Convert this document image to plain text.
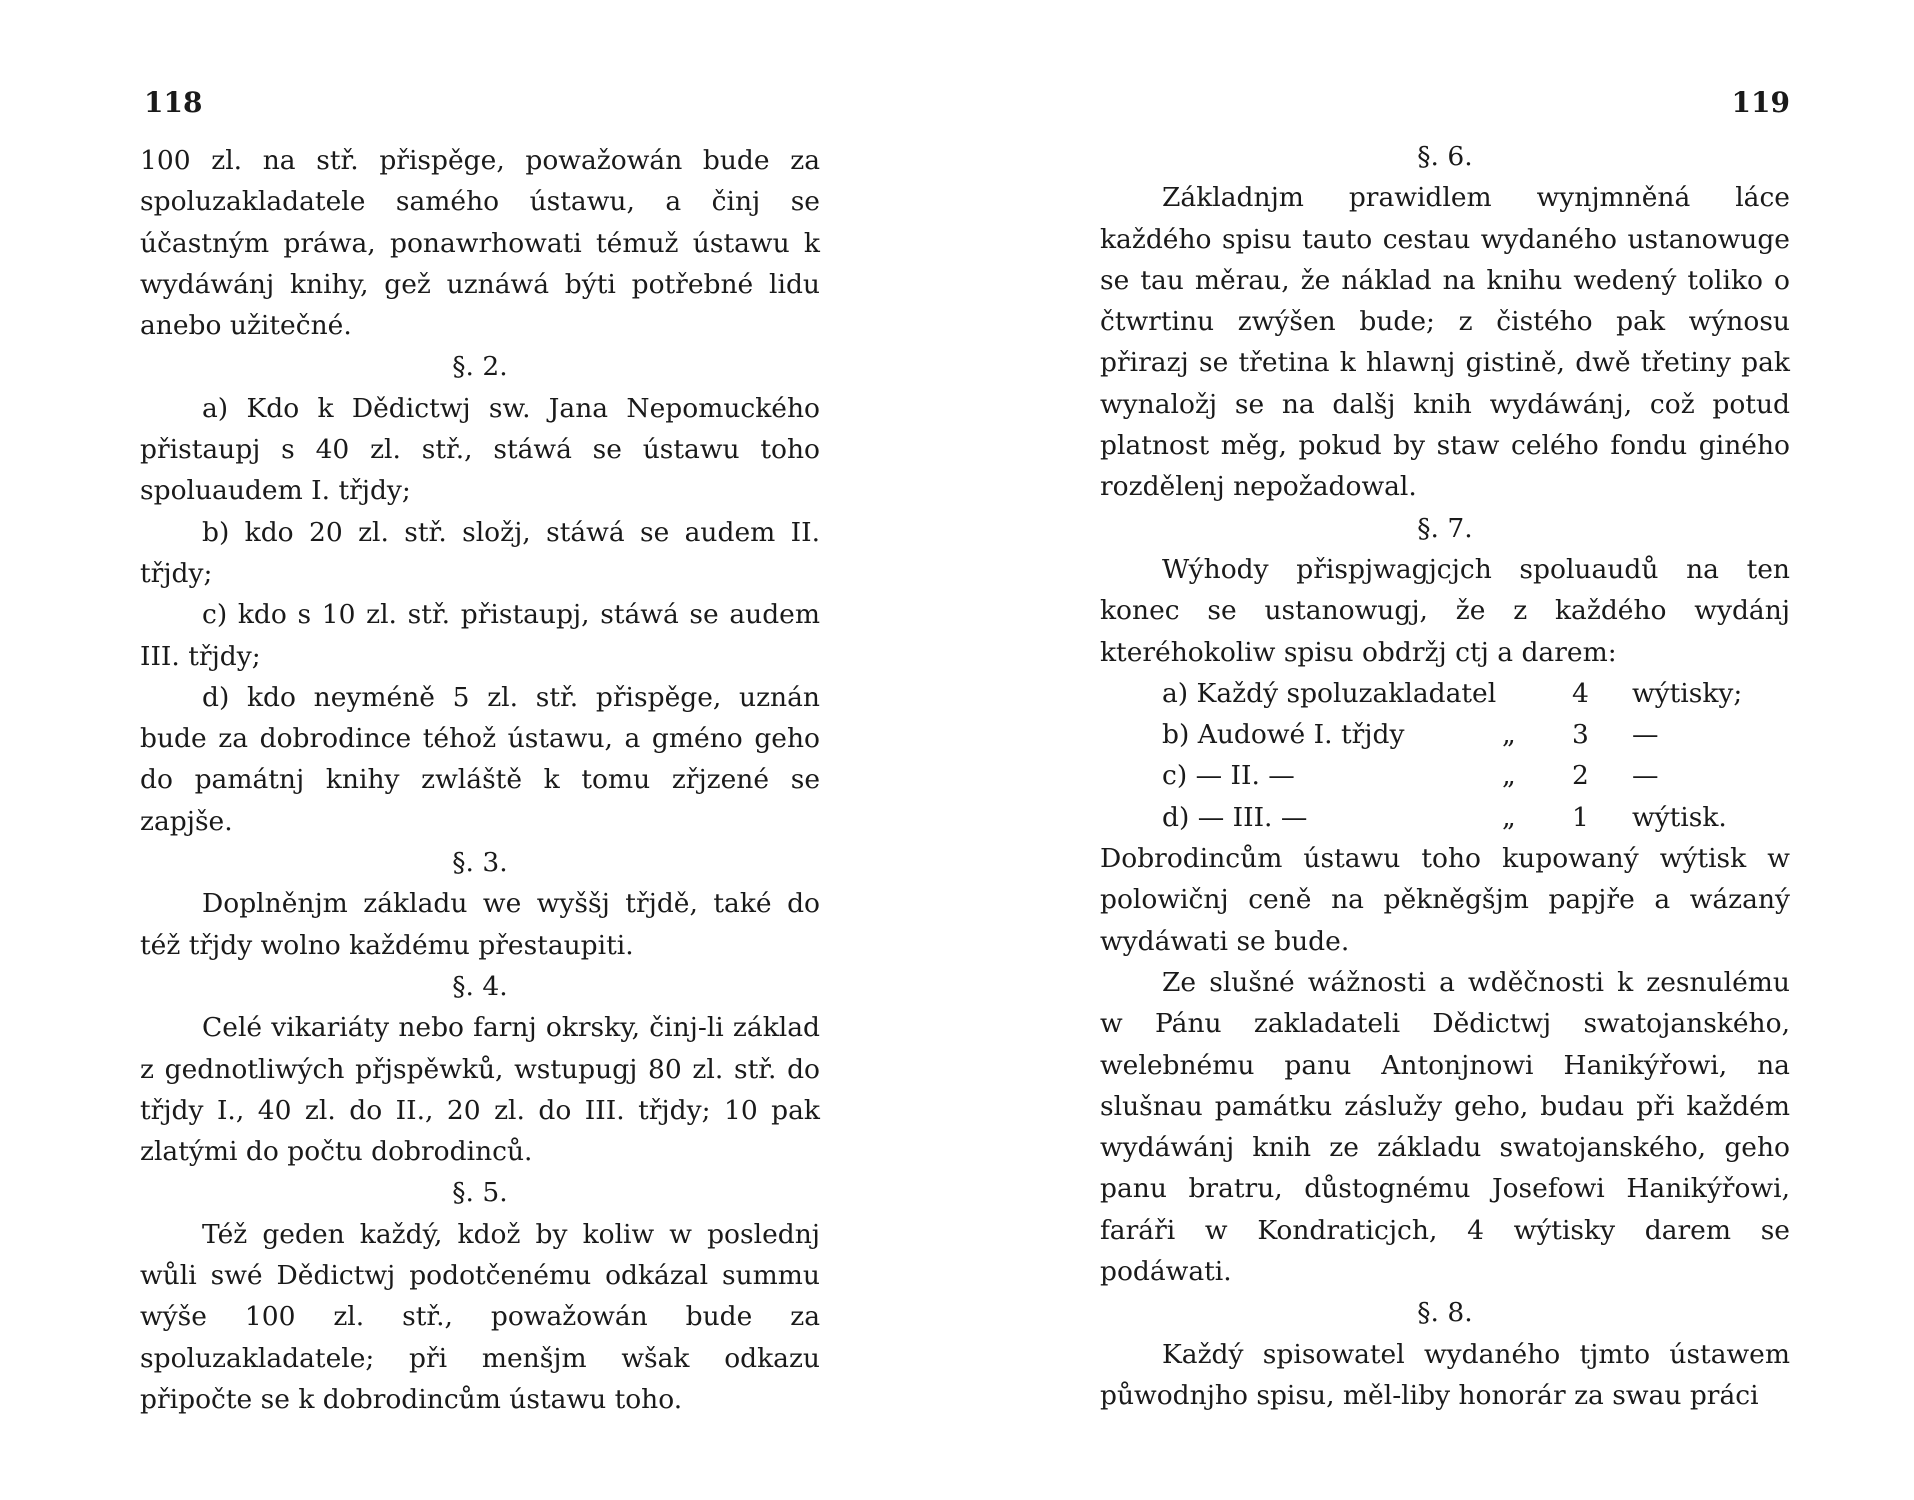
118

100 zl. na stř. přispěge, powažowán bude za spoluzakladatele samého ústawu, a činj se účastným práwa, ponawrhowati témuž ústawu k wydáwánj knihy, gež uznáwá býti potřebné lidu anebo užitečné.

§. 2.

a) Kdo k Dědictwj sw. Jana Nepomuckého přistaupj s 40 zl. stř., stáwá se ústawu toho spoluaudem I. třjdy;

b) kdo 20 zl. stř. složj, stáwá se audem II. třjdy;

c) kdo s 10 zl. stř. přistaupj, stáwá se audem III. třjdy;

d) kdo neyméně 5 zl. stř. přispěge, uznán bude za dobrodince téhož ústawu, a gméno geho do památnj knihy zwláště k tomu zřjzené se zapjše.

§. 3.

Doplněnjm základu we wyššj třjdě, také do též třjdy wolno každému přestaupiti.

§. 4.

Celé vikariáty nebo farnj okrsky, činj-li základ z gednotliwých přjspěwků, wstupugj 80 zl. stř. do třjdy I., 40 zl. do II., 20 zl. do III. třjdy; 10 pak zlatými do počtu dobrodinců.

§. 5.

Též geden každý, kdož by koliw w poslednj wůli swé Dědictwj podotčenému odkázal summu wýše 100 zl. stř., powažowán bude za spoluzakladatele; při menšjm wšak odkazu připočte se k dobrodincům ústawu toho.

119

§. 6.

Základnjm prawidlem wynjmněná láce každého spisu tauto cestau wydaného ustanowuge se tau měrau, že náklad na knihu wedený toliko o čtwrtinu zwýšen bude; z čistého pak wýnosu přirazj se třetina k hlawnj gistině, dwě třetiny pak wynaložj se na dalšj knih wydáwánj, což potud platnost měg, pokud by staw celého fondu giného rozdělenj nepožadowal.

§. 7.

Wýhody přispjwagjcjch spoluaudů na ten konec se ustanowugj, že z každého wydánj kteréhokoliw spisu obdržj ctj a darem:

a) Každý spoluzakladatel	4	wýtisky;
b) Audowé I. třjdy	„	3	—
c) — II. —	„	2	—
d) — III. —	„	1	wýtisk.

Dobrodincům ústawu toho kupowaný wýtisk w polowičnj ceně na pěkněgšjm papjře a wázaný wydáwati se bude.

Ze slušné wážnosti a wděčnosti k zesnulému w Pánu zakladateli Dědictwj swatojanského, welebnému panu Antonjnowi Hanikýřowi, na slušnau památku záslužy geho, budau při každém wydáwánj knih ze základu swatojanského, geho panu bratru, důstognému Josefowi Hanikýřowi, faráři w Kondraticjch, 4 wýtisky darem se podáwati.

§. 8.

Každý spisowatel wydaného tjmto ústawem půwodnjho spisu, měl-liby honorár za swau práci
